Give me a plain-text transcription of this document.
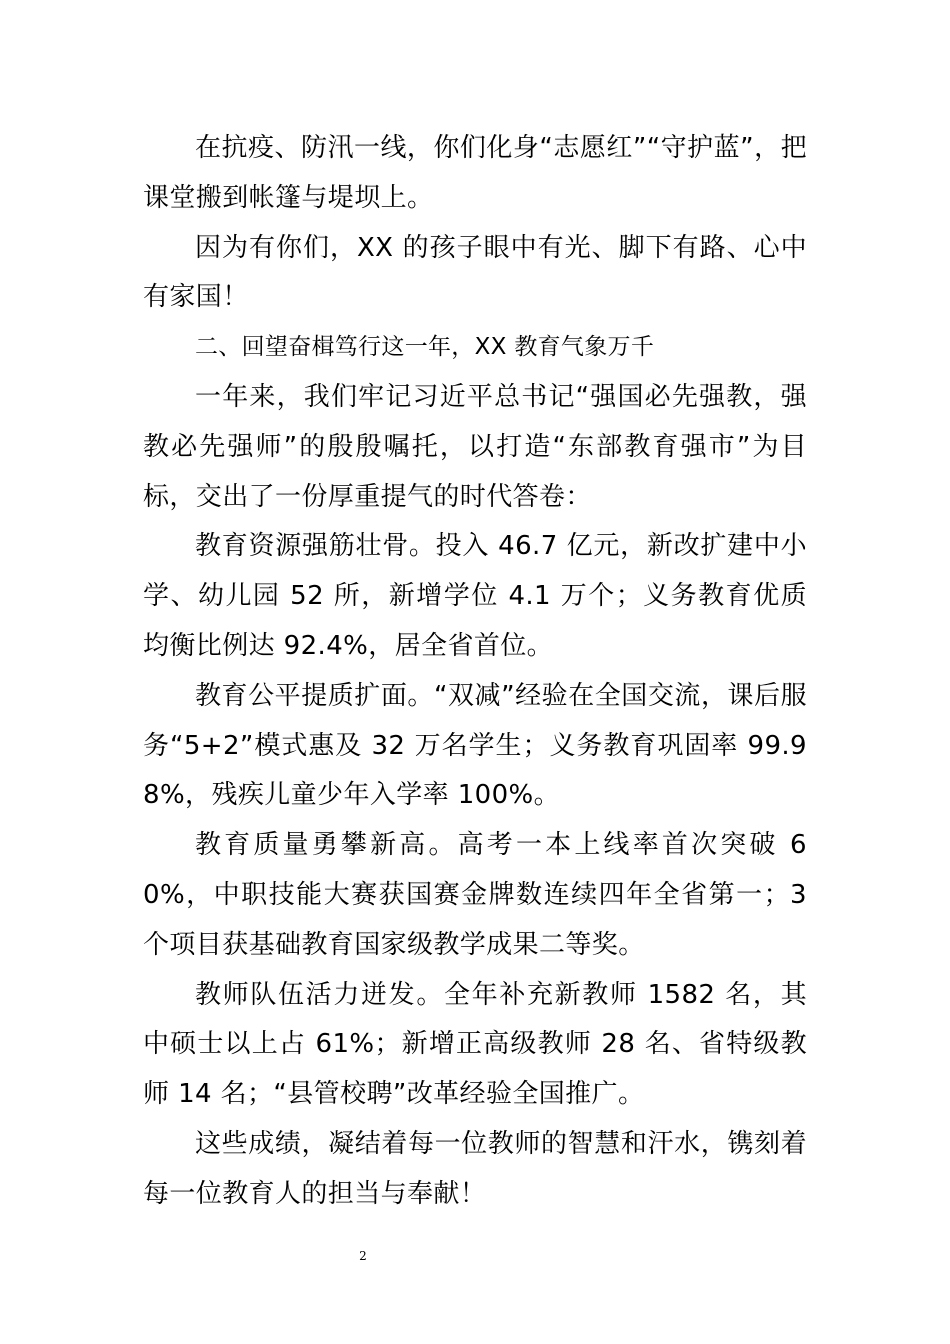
在抗疫、防汛一线，你们化身“志愿红”“守护蓝”，把课堂搬到帐篷与堤坝上。

因为有你们，XX 的孩子眼中有光、脚下有路、心中有家国！

二、回望奋楫笃行这一年，XX 教育气象万千

一年来，我们牢记习近平总书记“强国必先强教，强教必先强师”的殷殷嘱托，以打造“东部教育强市”为目标，交出了一份厚重提气的时代答卷：

教育资源强筋壮骨。投入 46.7 亿元，新改扩建中小学、幼儿园 52 所，新增学位 4.1 万个；义务教育优质均衡比例达 92.4%，居全省首位。

教育公平提质扩面。“双减”经验在全国交流，课后服务“5+2”模式惠及 32 万名学生；义务教育巩固率 99.98%，残疾儿童少年入学率 100%。

教育质量勇攀新高。高考一本上线率首次突破 60%，中职技能大赛获国赛金牌数连续四年全省第一；3 个项目获基础教育国家级教学成果二等奖。

教师队伍活力迸发。全年补充新教师 1582 名，其中硕士以上占 61%；新增正高级教师 28 名、省特级教师 14 名；“县管校聘”改革经验全国推广。

这些成绩，凝结着每一位教师的智慧和汗水，镌刻着每一位教育人的担当与奉献！

2
